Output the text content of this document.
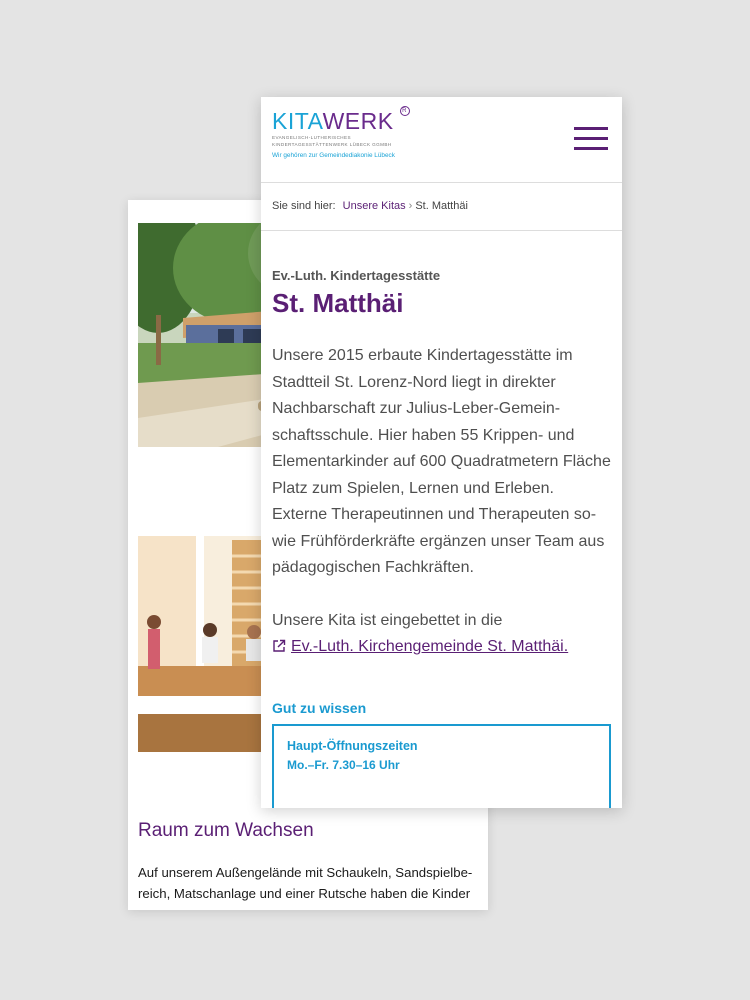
Raum zum Wachsen

Auf unserem Außengelände mit Schaukeln, Sandspielbereich, Matschanlage und einer Rutsche haben die Kinder

KITAWERK	R
EVANGELISCH-LUTHERISCHES
KINDERTAGESSTÄTTENWERK LÜBECK GGMBH
Wir gehören zur Gemeindediakonie Lübeck
Sie sind hier: Unsere Kitas › St. Matthäi
Ev.-Luth. Kindertagesstätte
St. Matthäi

Unsere 2015 erbaute Kindertagesstätte im Stadtteil St. Lorenz-Nord liegt in direkter Nachbarschaft zur Julius-Leber-Gemeinschaftsschule. Hier haben 55 Krippen- und Elementarkinder auf 600 Quadratmetern Fläche Platz zum Spielen, Lernen und Erleben. Externe Therapeutinnen und Therapeuten sowie Frühförderkräfte ergänzen unser Team aus pädagogischen Fachkräften.

Unsere Kita ist eingebettet in die
Ev.-Luth. Kirchengemeinde St. Matthäi.

Gut zu wissen
Haupt-Öffnungszeiten
Mo.–Fr. 7.30–16 Uhr
